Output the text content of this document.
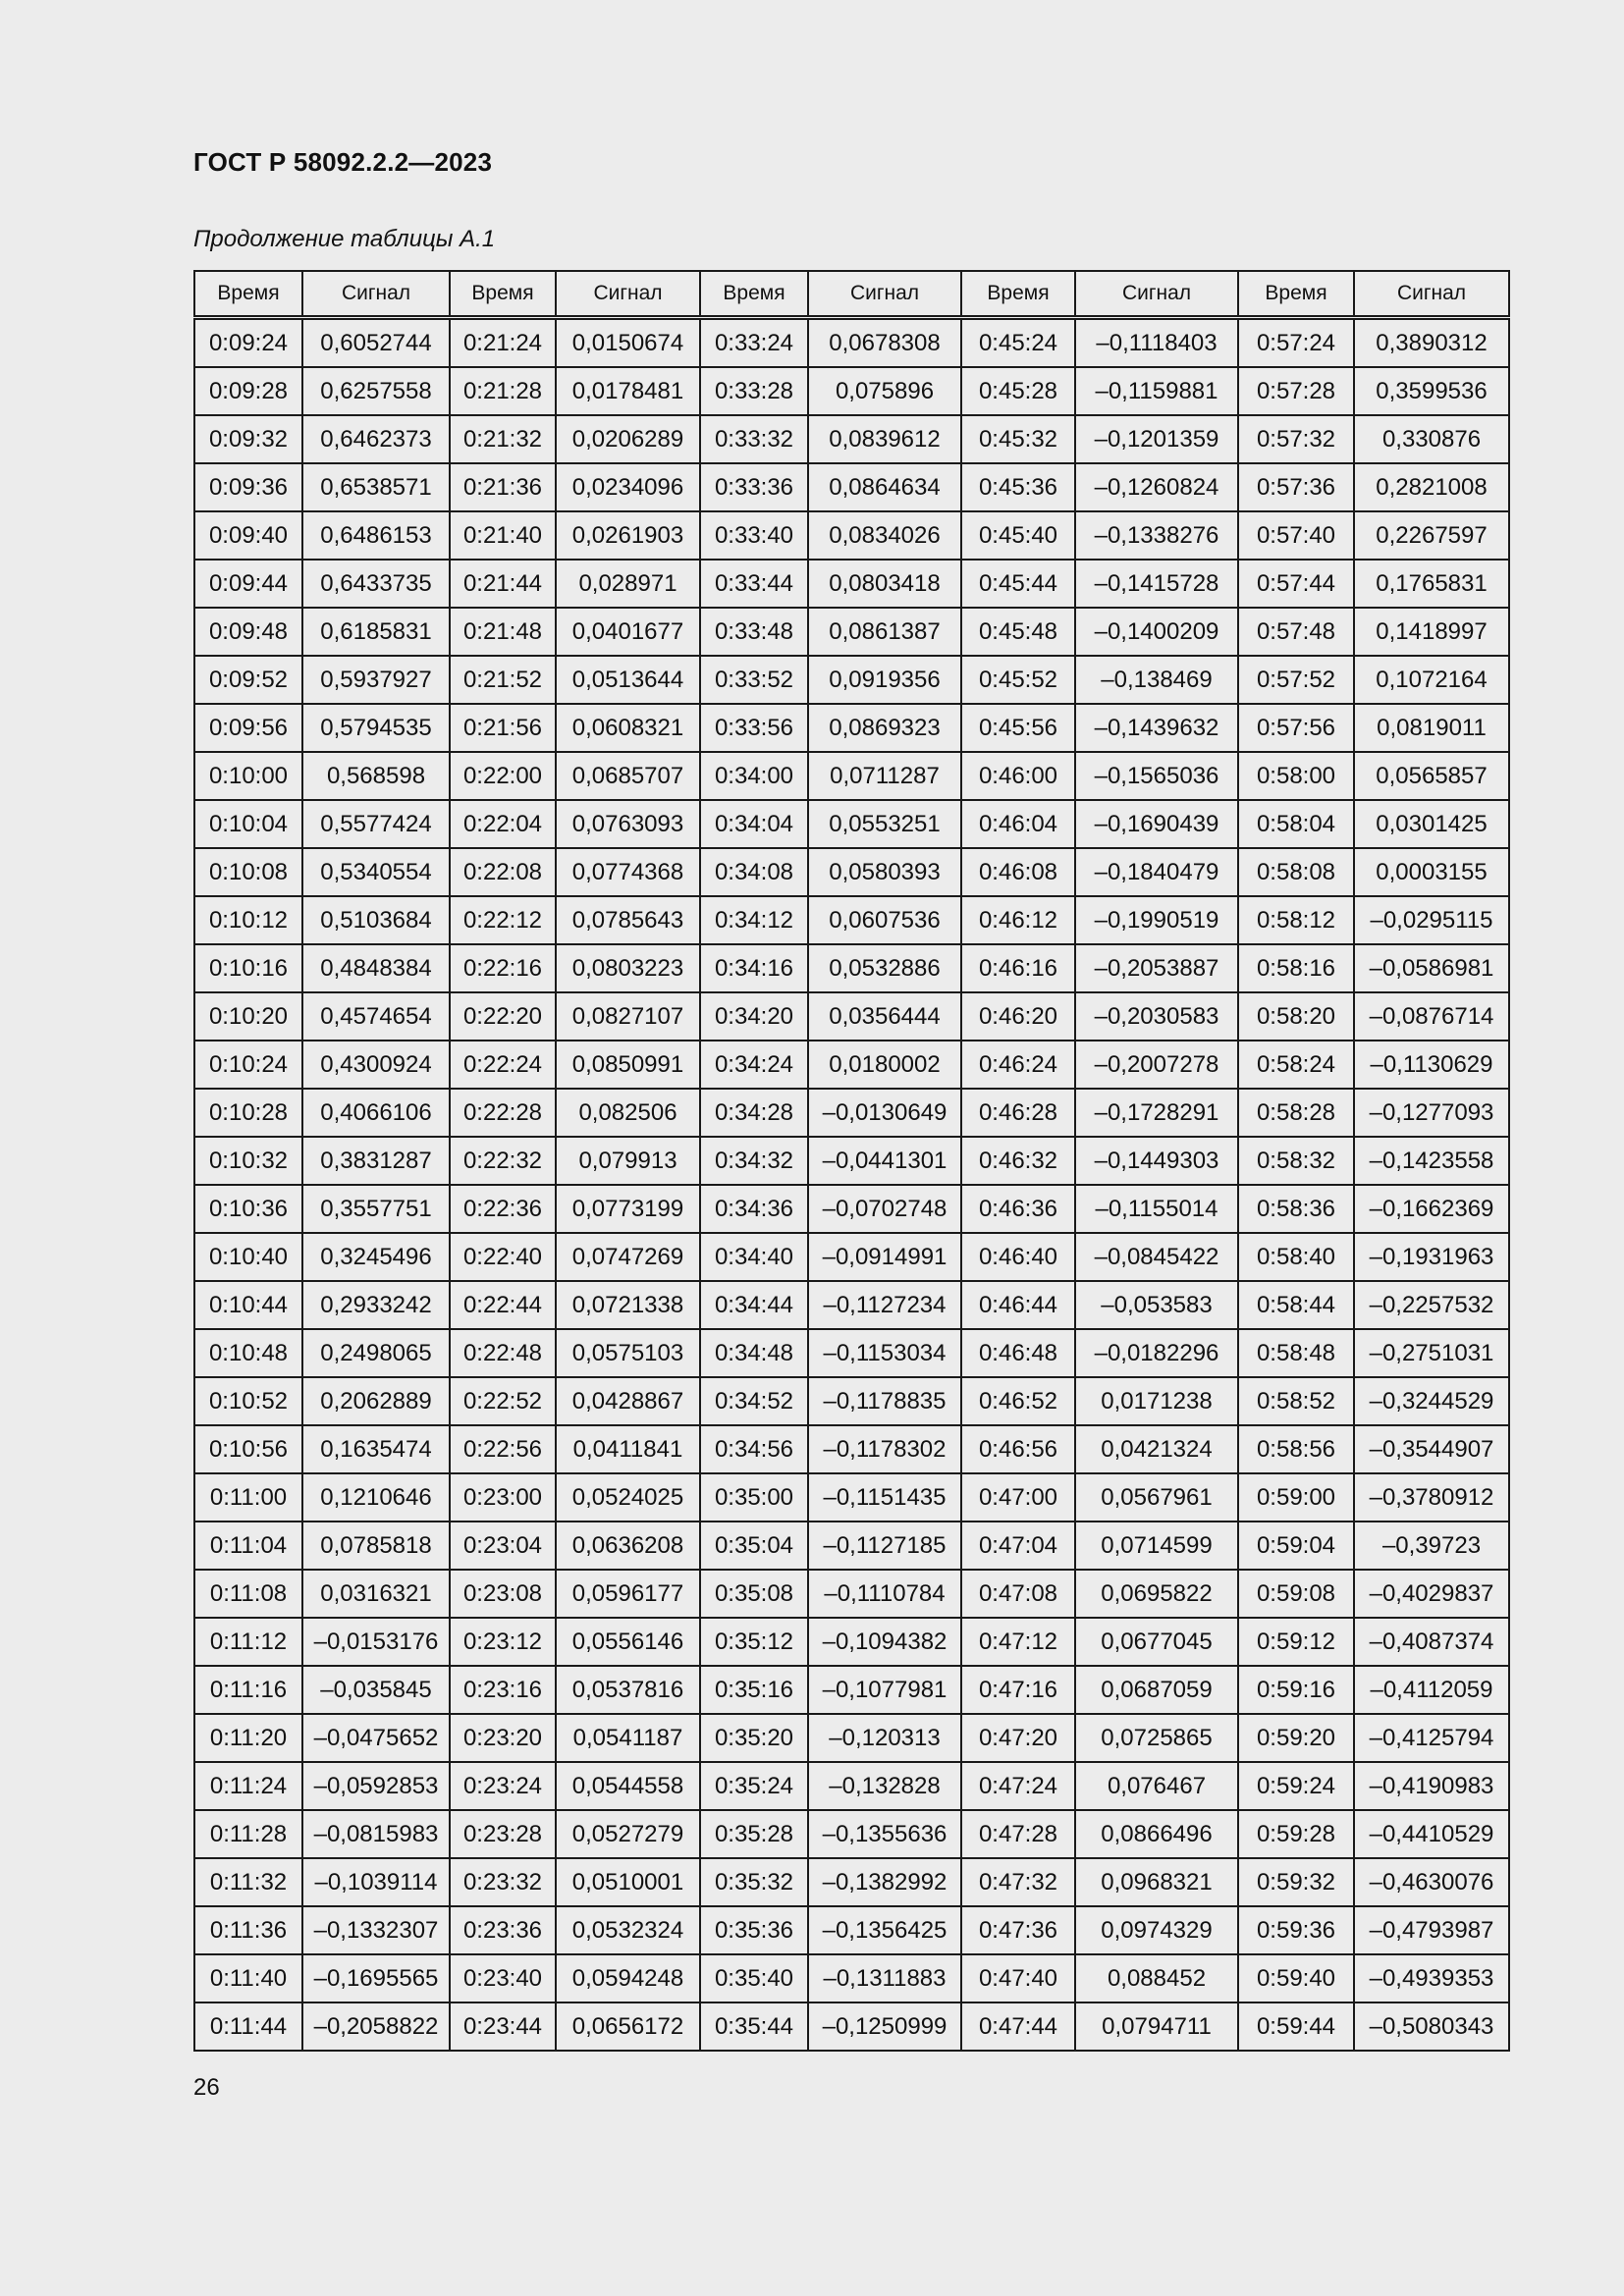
ГОСТ Р 58092.2.2—2023
Продолжение таблицы А.1
Время	Сигнал	Время	Сигнал	Время	Сигнал	Время	Сигнал	Время	Сигнал
0:09:24	0,6052744	0:21:24	0,0150674	0:33:24	0,0678308	0:45:24	–0,1118403	0:57:24	0,3890312
0:09:28	0,6257558	0:21:28	0,0178481	0:33:28	0,075896	0:45:28	–0,1159881	0:57:28	0,3599536
0:09:32	0,6462373	0:21:32	0,0206289	0:33:32	0,0839612	0:45:32	–0,1201359	0:57:32	0,330876
0:09:36	0,6538571	0:21:36	0,0234096	0:33:36	0,0864634	0:45:36	–0,1260824	0:57:36	0,2821008
0:09:40	0,6486153	0:21:40	0,0261903	0:33:40	0,0834026	0:45:40	–0,1338276	0:57:40	0,2267597
0:09:44	0,6433735	0:21:44	0,028971	0:33:44	0,0803418	0:45:44	–0,1415728	0:57:44	0,1765831
0:09:48	0,6185831	0:21:48	0,0401677	0:33:48	0,0861387	0:45:48	–0,1400209	0:57:48	0,1418997
0:09:52	0,5937927	0:21:52	0,0513644	0:33:52	0,0919356	0:45:52	–0,138469	0:57:52	0,1072164
0:09:56	0,5794535	0:21:56	0,0608321	0:33:56	0,0869323	0:45:56	–0,1439632	0:57:56	0,0819011
0:10:00	0,568598	0:22:00	0,0685707	0:34:00	0,0711287	0:46:00	–0,1565036	0:58:00	0,0565857
0:10:04	0,5577424	0:22:04	0,0763093	0:34:04	0,0553251	0:46:04	–0,1690439	0:58:04	0,0301425
0:10:08	0,5340554	0:22:08	0,0774368	0:34:08	0,0580393	0:46:08	–0,1840479	0:58:08	0,0003155
0:10:12	0,5103684	0:22:12	0,0785643	0:34:12	0,0607536	0:46:12	–0,1990519	0:58:12	–0,0295115
0:10:16	0,4848384	0:22:16	0,0803223	0:34:16	0,0532886	0:46:16	–0,2053887	0:58:16	–0,0586981
0:10:20	0,4574654	0:22:20	0,0827107	0:34:20	0,0356444	0:46:20	–0,2030583	0:58:20	–0,0876714
0:10:24	0,4300924	0:22:24	0,0850991	0:34:24	0,0180002	0:46:24	–0,2007278	0:58:24	–0,1130629
0:10:28	0,4066106	0:22:28	0,082506	0:34:28	–0,0130649	0:46:28	–0,1728291	0:58:28	–0,1277093
0:10:32	0,3831287	0:22:32	0,079913	0:34:32	–0,0441301	0:46:32	–0,1449303	0:58:32	–0,1423558
0:10:36	0,3557751	0:22:36	0,0773199	0:34:36	–0,0702748	0:46:36	–0,1155014	0:58:36	–0,1662369
0:10:40	0,3245496	0:22:40	0,0747269	0:34:40	–0,0914991	0:46:40	–0,0845422	0:58:40	–0,1931963
0:10:44	0,2933242	0:22:44	0,0721338	0:34:44	–0,1127234	0:46:44	–0,053583	0:58:44	–0,2257532
0:10:48	0,2498065	0:22:48	0,0575103	0:34:48	–0,1153034	0:46:48	–0,0182296	0:58:48	–0,2751031
0:10:52	0,2062889	0:22:52	0,0428867	0:34:52	–0,1178835	0:46:52	0,0171238	0:58:52	–0,3244529
0:10:56	0,1635474	0:22:56	0,0411841	0:34:56	–0,1178302	0:46:56	0,0421324	0:58:56	–0,3544907
0:11:00	0,1210646	0:23:00	0,0524025	0:35:00	–0,1151435	0:47:00	0,0567961	0:59:00	–0,3780912
0:11:04	0,0785818	0:23:04	0,0636208	0:35:04	–0,1127185	0:47:04	0,0714599	0:59:04	–0,39723
0:11:08	0,0316321	0:23:08	0,0596177	0:35:08	–0,1110784	0:47:08	0,0695822	0:59:08	–0,4029837
0:11:12	–0,0153176	0:23:12	0,0556146	0:35:12	–0,1094382	0:47:12	0,0677045	0:59:12	–0,4087374
0:11:16	–0,035845	0:23:16	0,0537816	0:35:16	–0,1077981	0:47:16	0,0687059	0:59:16	–0,4112059
0:11:20	–0,0475652	0:23:20	0,0541187	0:35:20	–0,120313	0:47:20	0,0725865	0:59:20	–0,4125794
0:11:24	–0,0592853	0:23:24	0,0544558	0:35:24	–0,132828	0:47:24	0,076467	0:59:24	–0,4190983
0:11:28	–0,0815983	0:23:28	0,0527279	0:35:28	–0,1355636	0:47:28	0,0866496	0:59:28	–0,4410529
0:11:32	–0,1039114	0:23:32	0,0510001	0:35:32	–0,1382992	0:47:32	0,0968321	0:59:32	–0,4630076
0:11:36	–0,1332307	0:23:36	0,0532324	0:35:36	–0,1356425	0:47:36	0,0974329	0:59:36	–0,4793987
0:11:40	–0,1695565	0:23:40	0,0594248	0:35:40	–0,1311883	0:47:40	0,088452	0:59:40	–0,4939353
0:11:44	–0,2058822	0:23:44	0,0656172	0:35:44	–0,1250999	0:47:44	0,0794711	0:59:44	–0,5080343
26
